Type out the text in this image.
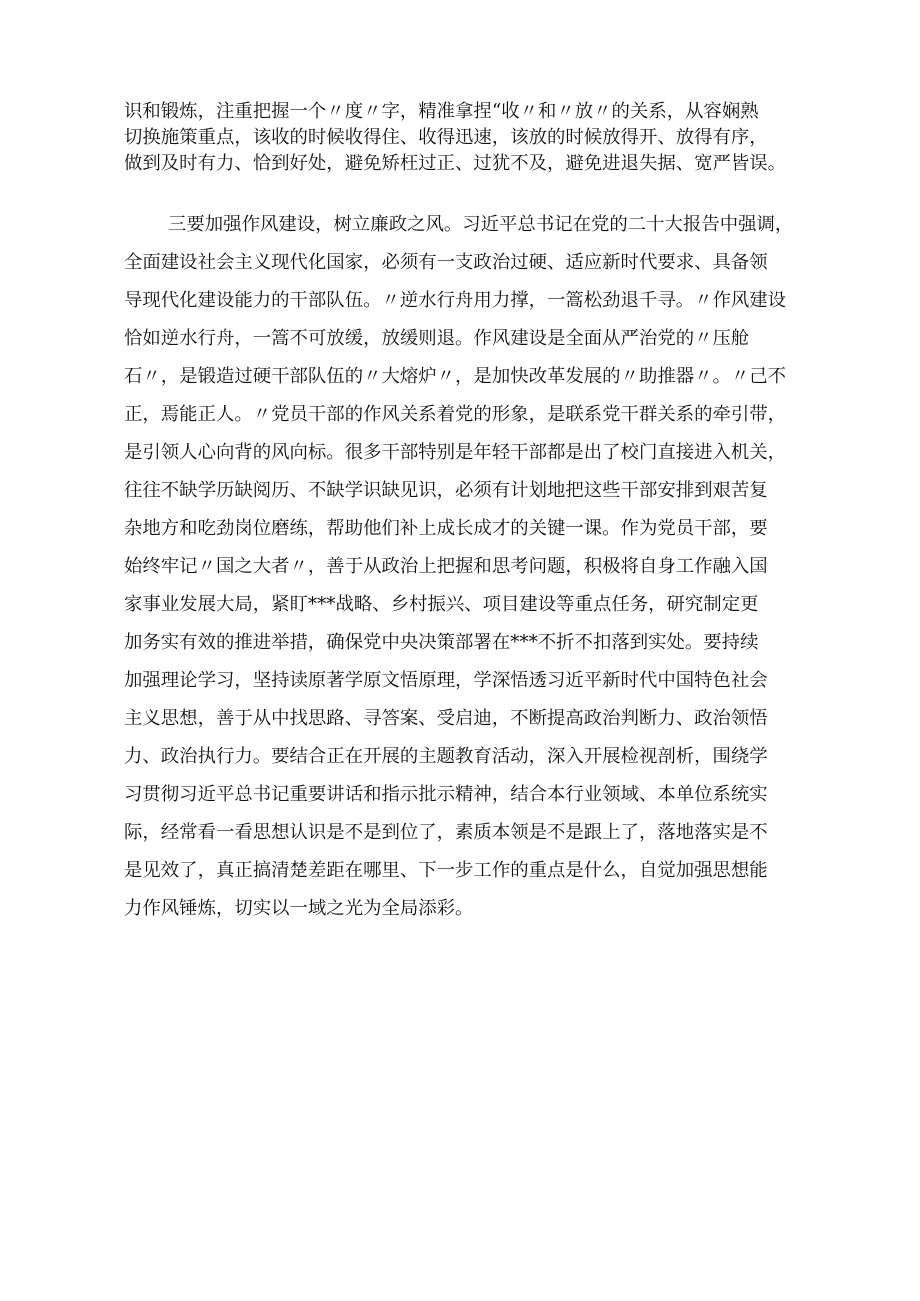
识和锻炼，注重把握一个〃度〃字，精准拿捏“收〃和〃放〃的关系，从容娴熟
切换施策重点，该收的时候收得住、收得迅速，该放的时候放得开、放得有序，
做到及时有力、恰到好处，避免矫枉过正、过犹不及，避免进退失据、宽严皆误。
三要加强作风建设，树立廉政之风。习近平总书记在党的二十大报告中强调，
全面建设社会主义现代化国家，必须有一支政治过硬、适应新时代要求、具备领
导现代化建设能力的干部队伍。〃逆水行舟用力撑，一篙松劲退千寻。〃作风建设
恰如逆水行舟，一篙不可放缓，放缓则退。作风建设是全面从严治党的〃压舱
石〃，是锻造过硬干部队伍的〃大熔炉〃，是加快改革发展的〃助推器〃。〃己不
正，焉能正人。〃党员干部的作风关系着党的形象，是联系党干群关系的牵引带，
是引领人心向背的风向标。很多干部特别是年轻干部都是出了校门直接进入机关，
往往不缺学历缺阅历、不缺学识缺见识，必须有计划地把这些干部安排到艰苦复
杂地方和吃劲岗位磨练，帮助他们补上成长成才的关键一课。作为党员干部，要
始终牢记〃国之大者〃，善于从政治上把握和思考问题，积极将自身工作融入国
家事业发展大局，紧盯***战略、乡村振兴、项目建设等重点任务，研究制定更
加务实有效的推进举措，确保党中央决策部署在***不折不扣落到实处。要持续
加强理论学习，坚持读原著学原文悟原理，学深悟透习近平新时代中国特色社会
主义思想，善于从中找思路、寻答案、受启迪，不断提高政治判断力、政治领悟
力、政治执行力。要结合正在开展的主题教育活动，深入开展检视剖析，围绕学
习贯彻习近平总书记重要讲话和指示批示精神，结合本行业领域、本单位系统实
际，经常看一看思想认识是不是到位了，素质本领是不是跟上了，落地落实是不
是见效了，真正搞清楚差距在哪里、下一步工作的重点是什么，自觉加强思想能
力作风锤炼，切实以一域之光为全局添彩。
